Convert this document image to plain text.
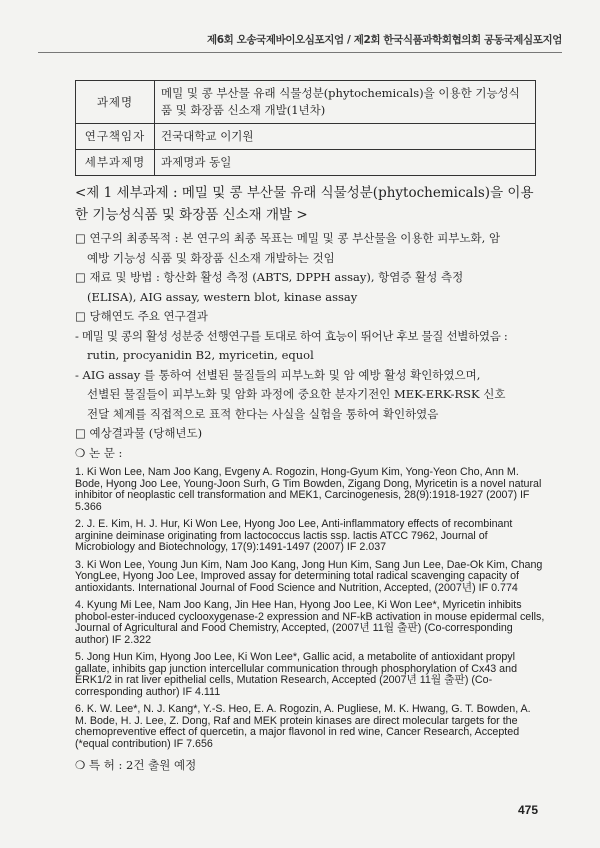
제6회 오송국제바이오심포지엄 / 제2회 한국식품과학회협의회 공동국제심포지엄
과제명	메밀 및 콩 부산물 유래 식물성분(phytochemicals)을 이용한 기능성식품 및 화장품 신소재 개발(1년차)
연구책임자	건국대학교 이기원
세부과제명	과제명과 동일

<제 1 세부과제 : 메밀 및 콩 부산물 유래 식물성분(phytochemicals)을 이용한 기능성식품 및 화장품 신소재 개발 >

□ 연구의 최종목적 : 본 연구의 최종 목표는 메밀 및 콩 부산물을 이용한 피부노화, 암

예방 기능성 식품 및 화장품 신소재 개발하는 것임

□ 재료 및 방법 : 항산화 활성 측정 (ABTS, DPPH assay), 항염증 활성 측정

(ELISA), AIG assay, western blot, kinase assay

□ 당해연도 주요 연구결과

- 메밀 및 콩의 활성 성분중 선행연구를 토대로 하여 효능이 뛰어난 후보 물질 선별하였음 :

rutin, procyanidin B2, myricetin, equol

- AIG assay 를 통하여 선별된 물질들의 피부노화 및 암 예방 활성 확인하였으며,

선별된 물질들이 피부노화 및 암화 과정에 중요한 분자기전인 MEK-ERK-RSK 신호

전달 체계를 직접적으로 표적 한다는 사실을 실험을 통하여 확인하였음

□ 예상결과물 (당해년도)

❍ 논 문 :

1. Ki Won Lee, Nam Joo Kang, Evgeny A. Rogozin, Hong-Gyum Kim, Yong-Yeon Cho, Ann M. Bode, Hyong Joo Lee, Young-Joon Surh, G Tim Bowden, Zigang Dong, Myricetin is a novel natural inhibitor of neoplastic cell transformation and MEK1, Carcinogenesis, 28(9):1918-1927 (2007) IF 5.366

2. J. E. Kim, H. J. Hur, Ki Won Lee, Hyong Joo Lee, Anti-inflammatory effects of recombinant arginine deiminase originating from lactococcus lactis ssp. lactis ATCC 7962, Journal of Microbiology and Biotechnology, 17(9):1491-1497 (2007) IF 2.037

3. Ki Won Lee, Young Jun Kim, Nam Joo Kang, Jong Hun Kim, Sang Jun Lee, Dae-Ok Kim, Chang YongLee, Hyong Joo Lee, Improved assay for determining total radical scavenging capacity of antioxidants. International Journal of Food Science and Nutrition, Accepted, (2007년) IF 0.774

4. Kyung Mi Lee, Nam Joo Kang, Jin Hee Han, Hyong Joo Lee, Ki Won Lee*, Myricetin inhibits phobol-ester-induced cyclooxygenase-2 expression and NF-kB activation in mouse epidermal cells, Journal of Agricultural and Food Chemistry, Accepted, (2007년 11월 출판) (Co-corresponding author) IF 2.322

5. Jong Hun Kim, Hyong Joo Lee, Ki Won Lee*, Gallic acid, a metabolite of antioxidant propyl gallate, inhibits gap junction intercellular communication through phosphorylation of Cx43 and ERK1/2 in rat liver epithelial cells, Mutation Research, Accepted (2007년 11월 출판) (Co-corresponding author) IF 4.111

6. K. W. Lee*, N. J. Kang*, Y.-S. Heo, E. A. Rogozin, A. Pugliese, M. K. Hwang, G. T. Bowden, A. M. Bode, H. J. Lee, Z. Dong, Raf and MEK protein kinases are direct molecular targets for the chemopreventive effect of quercetin, a major flavonol in red wine, Cancer Research, Accepted (*equal contribution) IF 7.656

❍ 특 허 : 2건 출원 예정

475
